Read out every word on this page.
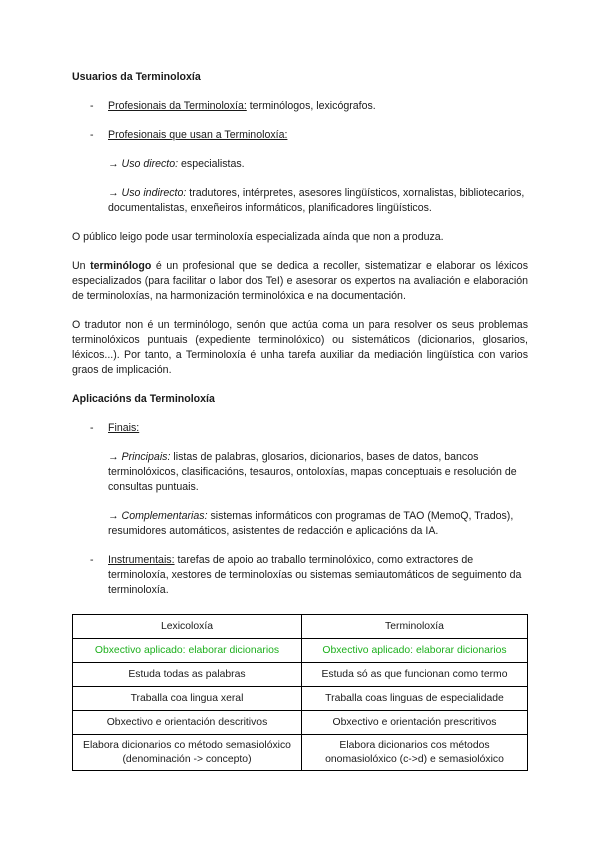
Usuarios da Terminoloxía
- Profesionais da Terminoloxía: terminólogos, lexicógrafos.
- Profesionais que usan a Terminoloxía:
→ Uso directo: especialistas.
→ Uso indirecto: tradutores, intérpretes, asesores lingüísticos, xornalistas, bibliotecarios, documentalistas, enxeñeiros informáticos, planificadores lingüísticos.

O público leigo pode usar terminoloxía especializada aínda que non a produza.

Un terminólogo é un profesional que se dedica a recoller, sistematizar e elaborar os léxicos especializados (para facilitar o labor dos TeI) e asesorar os expertos na avaliación e elaboración de terminoloxías, na harmonización terminolóxica e na documentación.

O tradutor non é un terminólogo, senón que actúa coma un para resolver os seus problemas terminolóxicos puntuais (expediente terminolóxico) ou sistemáticos (dicionarios, glosarios, léxicos...). Por tanto, a Terminoloxía é unha tarefa auxiliar da mediación lingüística con varios graos de implicación.

Aplicacións da Terminoloxía
- Finais:
→ Principais: listas de palabras, glosarios, dicionarios, bases de datos, bancos terminolóxicos, clasificacións, tesauros, ontoloxías, mapas conceptuais e resolución de consultas puntuais.
→ Complementarias: sistemas informáticos con programas de TAO (MemoQ, Trados), resumidores automáticos, asistentes de redacción e aplicacións da IA.
- Instrumentais: tarefas de apoio ao traballo terminolóxico, como extractores de terminoloxía, xestores de terminoloxías ou sistemas semiautomáticos de seguimento da terminoloxía.
Lexicoloxía	Terminoloxía
Obxectivo aplicado: elaborar dicionarios	Obxectivo aplicado: elaborar dicionarios
Estuda todas as palabras	Estuda só as que funcionan como termo
Traballa coa lingua xeral	Traballa coas linguas de especialidade
Obxectivo e orientación descritivos	Obxectivo e orientación prescritivos
Elabora dicionarios co método semasiolóxico (denominación -> concepto)	Elabora dicionarios cos métodos onomasiolóxico (c->d) e semasiolóxico
